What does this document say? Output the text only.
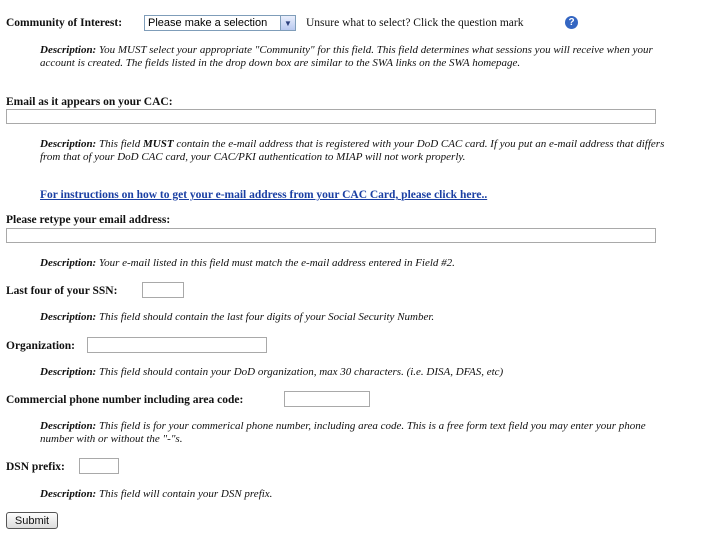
Community of Interest: Please make a selection	▼ Unsure what to select? Click the question mark	?
Description: You MUST select your appropriate "Community" for this field. This field determines what sessions you will receive when your account is created. The fields listed in the drop down box are similar to the SWA links on the SWA homepage.
Email as it appears on your CAC:
Description: This field MUST contain the e-mail address that is registered with your DoD CAC card. If you put an e-mail address that differs from that of your DoD CAC card, your CAC/PKI authentication to MIAP will not work properly.
For instructions on how to get your e-mail address from your CAC Card, please click here..
Please retype your email address:
Description: Your e-mail listed in this field must match the e-mail address entered in Field #2.
Last four of your SSN:
Description: This field should contain the last four digits of your Social Security Number.
Organization:
Description: This field should contain your DoD organization, max 30 characters. (i.e. DISA, DFAS, etc)
Commercial phone number including area code:
Description: This field is for your commerical phone number, including area code. This is a free form text field you may enter your phone number with or without the "-"s.
DSN prefix:
Description: This field will contain your DSN prefix.
Submit
